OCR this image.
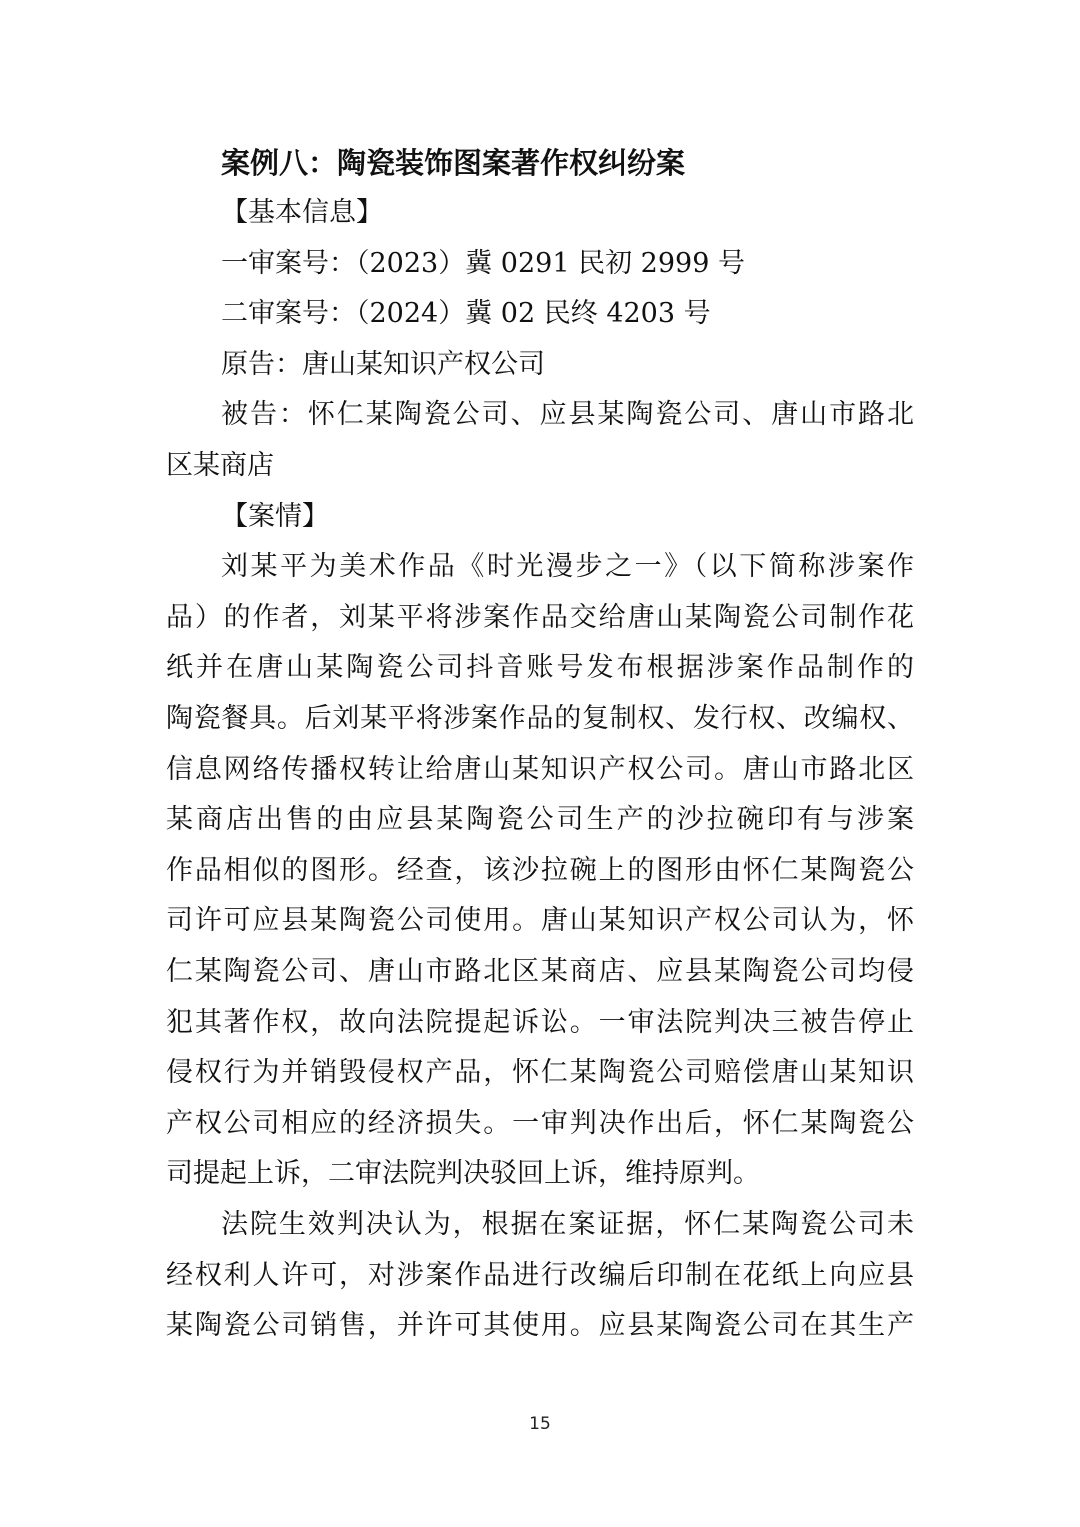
案例八：陶瓷装饰图案著作权纠纷案
【基本信息】
一审案号：（2023）冀 0291 民初 2999 号
二审案号：（2024）冀 02 民终 4203 号
原告：唐山某知识产权公司
被告：怀仁某陶瓷公司、应县某陶瓷公司、唐山市路北
区某商店
【案情】
刘某平为美术作品《时光漫步之一》（以下简称涉案作
品）的作者，刘某平将涉案作品交给唐山某陶瓷公司制作花
纸并在唐山某陶瓷公司抖音账号发布根据涉案作品制作的
陶瓷餐具。后刘某平将涉案作品的复制权、发行权、改编权、
信息网络传播权转让给唐山某知识产权公司。唐山市路北区
某商店出售的由应县某陶瓷公司生产的沙拉碗印有与涉案
作品相似的图形。经查，该沙拉碗上的图形由怀仁某陶瓷公
司许可应县某陶瓷公司使用。唐山某知识产权公司认为，怀
仁某陶瓷公司、唐山市路北区某商店、应县某陶瓷公司均侵
犯其著作权，故向法院提起诉讼。一审法院判决三被告停止
侵权行为并销毁侵权产品，怀仁某陶瓷公司赔偿唐山某知识
产权公司相应的经济损失。一审判决作出后，怀仁某陶瓷公
司提起上诉，二审法院判决驳回上诉，维持原判。
法院生效判决认为，根据在案证据，怀仁某陶瓷公司未
经权利人许可，对涉案作品进行改编后印制在花纸上向应县
某陶瓷公司销售，并许可其使用。应县某陶瓷公司在其生产
15
